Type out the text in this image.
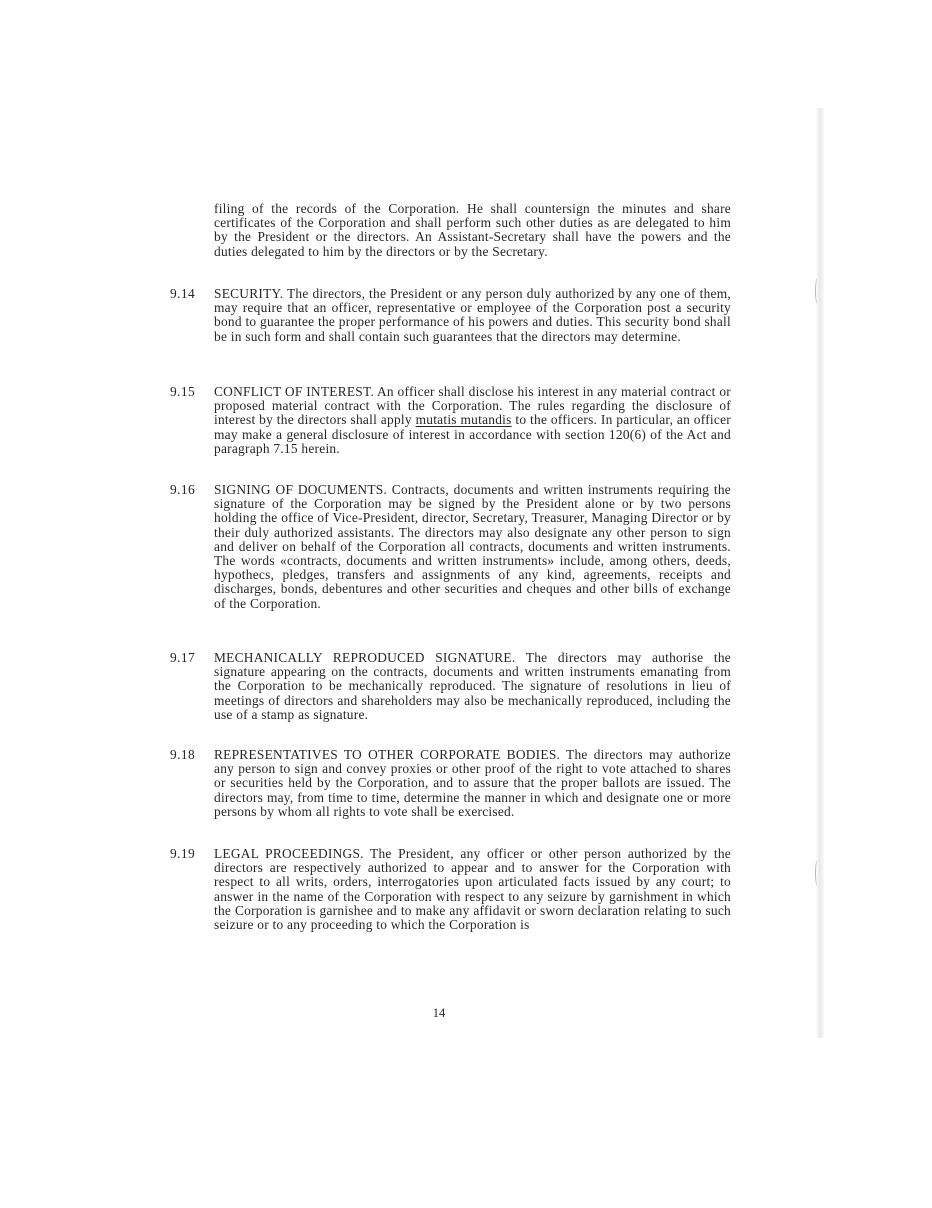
filing of the records of the Corporation. He shall countersign the minutes and share certificates of the Corporation and shall perform such other duties as are delegated to him by the President or the directors. An Assistant-Secretary shall have the powers and the duties delegated to him by the directors or by the Secretary.

9.14 SECURITY. The directors, the President or any person duly authorized by any one of them, may require that an officer, representative or employee of the Corporation post a security bond to guarantee the proper performance of his powers and duties. This security bond shall be in such form and shall contain such guarantees that the directors may determine.

9.15 CONFLICT OF INTEREST. An officer shall disclose his interest in any material contract or proposed material contract with the Corporation. The rules regarding the disclosure of interest by the directors shall apply mutatis mutandis to the officers. In particular, an officer may make a general disclosure of interest in accordance with section 120(6) of the Act and paragraph 7.15 herein.

9.16 SIGNING OF DOCUMENTS. Contracts, documents and written instruments requiring the signature of the Corporation may be signed by the President alone or by two persons holding the office of Vice-President, director, Secretary, Treasurer, Managing Director or by their duly authorized assistants. The directors may also designate any other person to sign and deliver on behalf of the Corporation all contracts, documents and written instruments. The words «contracts, documents and written instruments» include, among others, deeds, hypothecs, pledges, transfers and assignments of any kind, agreements, receipts and discharges, bonds, debentures and other securities and cheques and other bills of exchange of the Corporation.

9.17 MECHANICALLY REPRODUCED SIGNATURE. The directors may authorise the signature appearing on the contracts, documents and written instruments emanating from the Corporation to be mechanically reproduced. The signature of resolutions in lieu of meetings of directors and shareholders may also be mechanically reproduced, including the use of a stamp as signature.

9.18 REPRESENTATIVES TO OTHER CORPORATE BODIES. The directors may authorize any person to sign and convey proxies or other proof of the right to vote attached to shares or securities held by the Corporation, and to assure that the proper ballots are issued. The directors may, from time to time, determine the manner in which and designate one or more persons by whom all rights to vote shall be exercised.

9.19 LEGAL PROCEEDINGS. The President, any officer or other person authorized by the directors are respectively authorized to appear and to answer for the Corporation with respect to all writs, orders, interrogatories upon articulated facts issued by any court; to answer in the name of the Corporation with respect to any seizure by garnishment in which the Corporation is garnishee and to make any affidavit or sworn declaration relating to such seizure or to any proceeding to which the Corporation is

14
